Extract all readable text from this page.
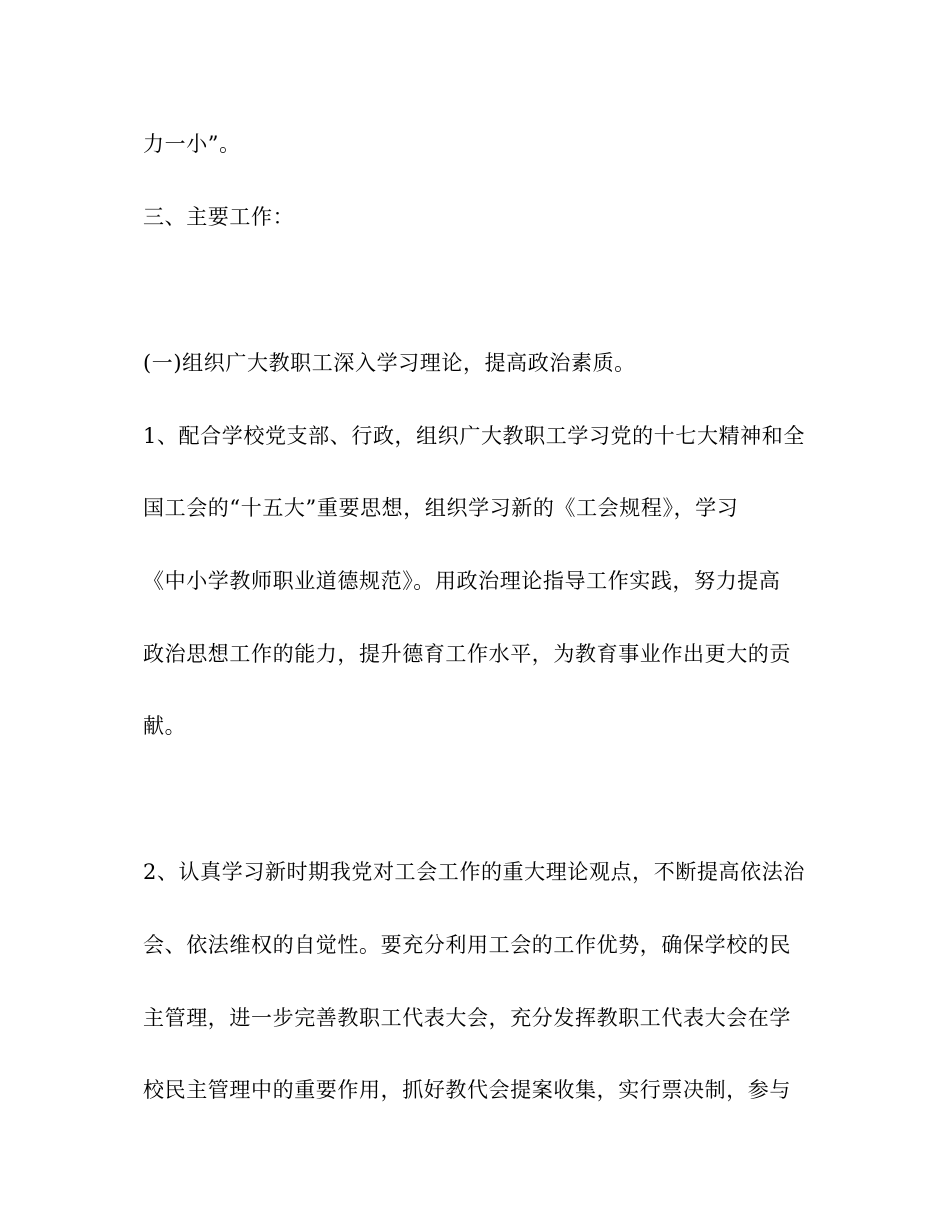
力一小”。
三、主要工作：
(一)组织广大教职工深入学习理论，提高政治素质。
1、配合学校党支部、行政，组织广大教职工学习党的十七大精神和全
国工会的“十五大”重要思想，组织学习新的《工会规程》，学习
《中小学教师职业道德规范》。用政治理论指导工作实践，努力提高
政治思想工作的能力，提升德育工作水平，为教育事业作出更大的贡
献。
2、认真学习新时期我党对工会工作的重大理论观点，不断提高依法治
会、依法维权的自觉性。要充分利用工会的工作优势，确保学校的民
主管理，进一步完善教职工代表大会，充分发挥教职工代表大会在学
校民主管理中的重要作用，抓好教代会提案收集，实行票决制，参与
